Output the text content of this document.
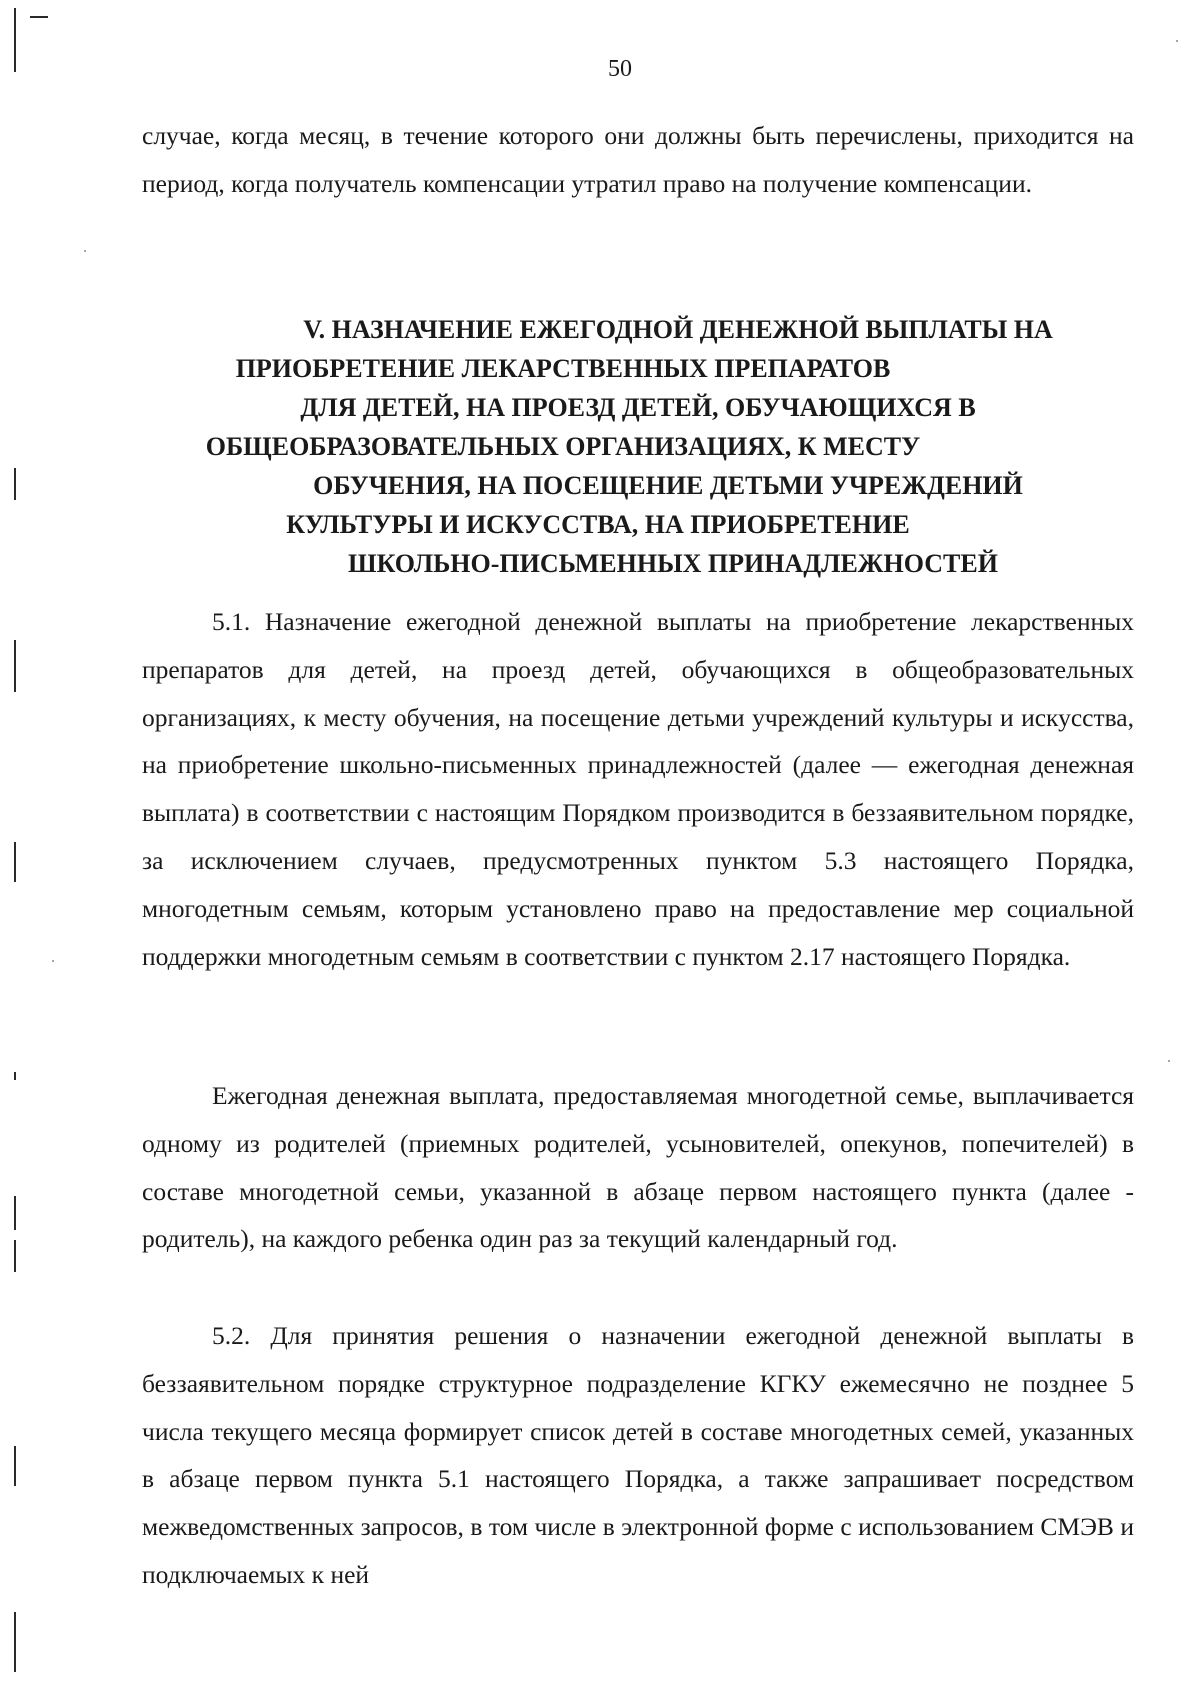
50

случае, когда месяц, в течение которого они должны быть перечислены, приходится на период, когда получатель компенсации утратил право на получение компенсации.

V. НАЗНАЧЕНИЕ ЕЖЕГОДНОЙ ДЕНЕЖНОЙ ВЫПЛАТЫ НА
ПРИОБРЕТЕНИЕ ЛЕКАРСТВЕННЫХ ПРЕПАРАТОВ
ДЛЯ ДЕТЕЙ, НА ПРОЕЗД ДЕТЕЙ, ОБУЧАЮЩИХСЯ В
ОБЩЕОБРАЗОВАТЕЛЬНЫХ ОРГАНИЗАЦИЯХ, К МЕСТУ
ОБУЧЕНИЯ, НА ПОСЕЩЕНИЕ ДЕТЬМИ УЧРЕЖДЕНИЙ
КУЛЬТУРЫ И ИСКУССТВА, НА ПРИОБРЕТЕНИЕ
ШКОЛЬНО-ПИСЬМЕННЫХ ПРИНАДЛЕЖНОСТЕЙ

5.1. Назначение ежегодной денежной выплаты на приобретение лекарственных препаратов для детей, на проезд детей, обучающихся в общеобразовательных организациях, к месту обучения, на посещение детьми учреждений культуры и искусства, на приобретение школьно-письменных принадлежностей (далее — ежегодная денежная выплата) в соответствии с настоящим Порядком производится в беззаявительном порядке, за исключением случаев, предусмотренных пунктом 5.3 настоящего Порядка, многодетным семьям, которым установлено право на предоставление мер социальной поддержки многодетным семьям в соответствии с пунктом 2.17 настоящего Порядка.

Ежегодная денежная выплата, предоставляемая многодетной семье, выплачивается одному из родителей (приемных родителей, усыновителей, опекунов, попечителей) в составе многодетной семьи, указанной в абзаце первом настоящего пункта (далее - родитель), на каждого ребенка один раз за текущий календарный год.

5.2. Для принятия решения о назначении ежегодной денежной выплаты в беззаявительном порядке структурное подразделение КГКУ ежемесячно не позднее 5 числа текущего месяца формирует список детей в составе многодетных семей, указанных в абзаце первом пункта 5.1 настоящего Порядка, а также запрашивает посредством межведомственных запросов, в том числе в электронной форме с использованием СМЭВ и подключаемых к ней
